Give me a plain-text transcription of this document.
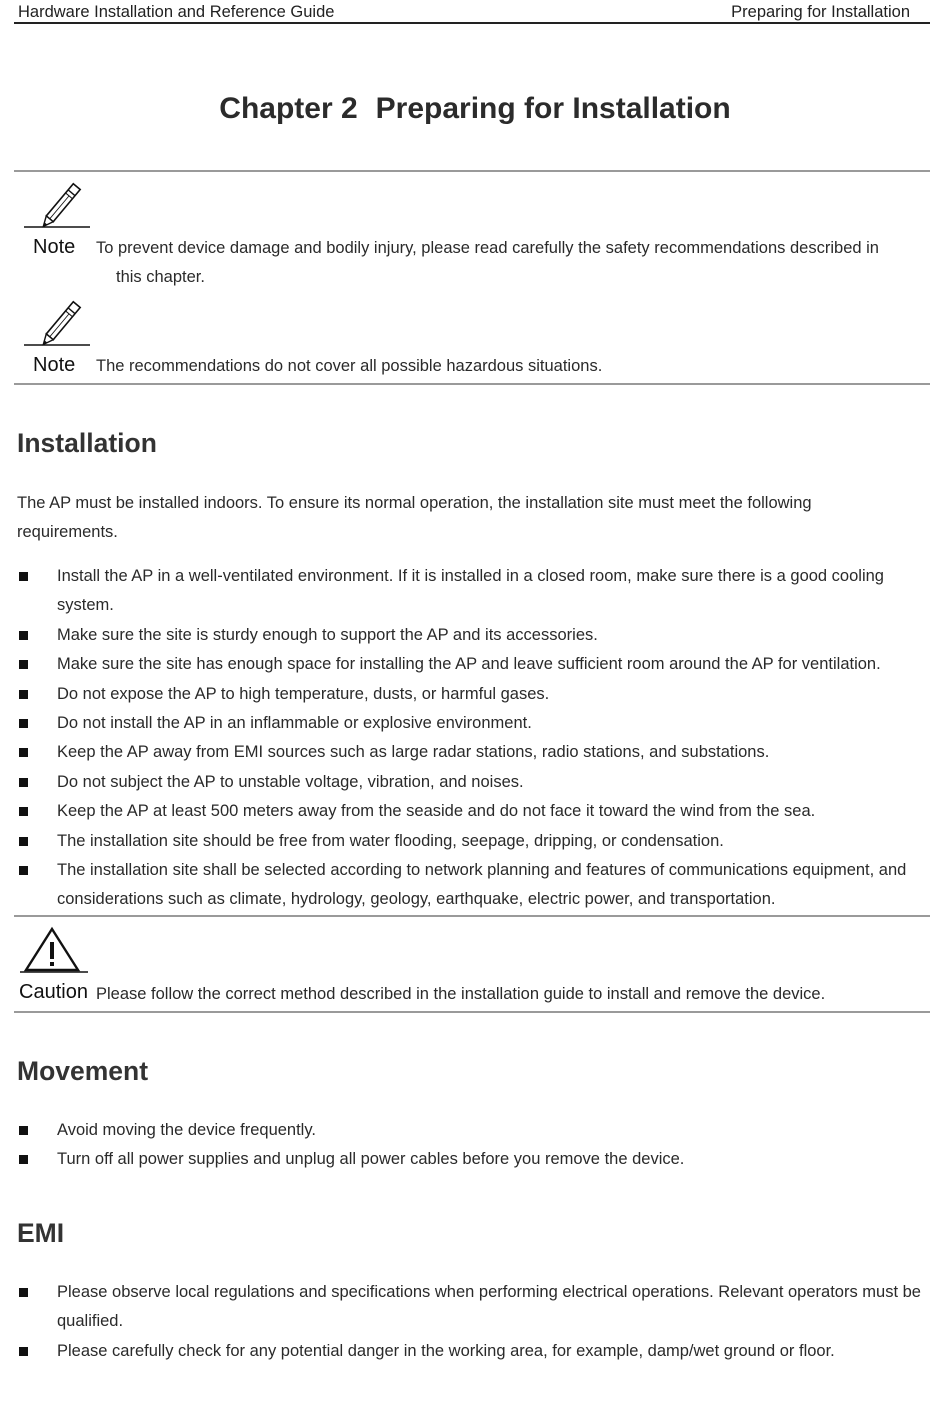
Hardware Installation and Reference Guide	Preparing for Installation
Chapter 2 Preparing for Installation
Note To prevent device damage and bodily injury, please read carefully the safety recommendations described in
this chapter.
Note The recommendations do not cover all possible hazardous situations.
Installation

The AP must be installed indoors. To ensure its normal operation, the installation site must meet the following requirements.

Install the AP in a well-ventilated environment. If it is installed in a closed room, make sure there is a good cooling system.
Make sure the site is sturdy enough to support the AP and its accessories.
Make sure the site has enough space for installing the AP and leave sufficient room around the AP for ventilation.
Do not expose the AP to high temperature, dusts, or harmful gases.
Do not install the AP in an inflammable or explosive environment.
Keep the AP away from EMI sources such as large radar stations, radio stations, and substations.
Do not subject the AP to unstable voltage, vibration, and noises.
Keep the AP at least 500 meters away from the seaside and do not face it toward the wind from the sea.
The installation site should be free from water flooding, seepage, dripping, or condensation.
The installation site shall be selected according to network planning and features of communications equipment, and considerations such as climate, hydrology, geology, earthquake, electric power, and transportation.
Caution Please follow the correct method described in the installation guide to install and remove the device.
Movement
Avoid moving the device frequently.
Turn off all power supplies and unplug all power cables before you remove the device.
EMI
Please observe local regulations and specifications when performing electrical operations. Relevant operators must be qualified.
Please carefully check for any potential danger in the working area, for example, damp/wet ground or floor.
